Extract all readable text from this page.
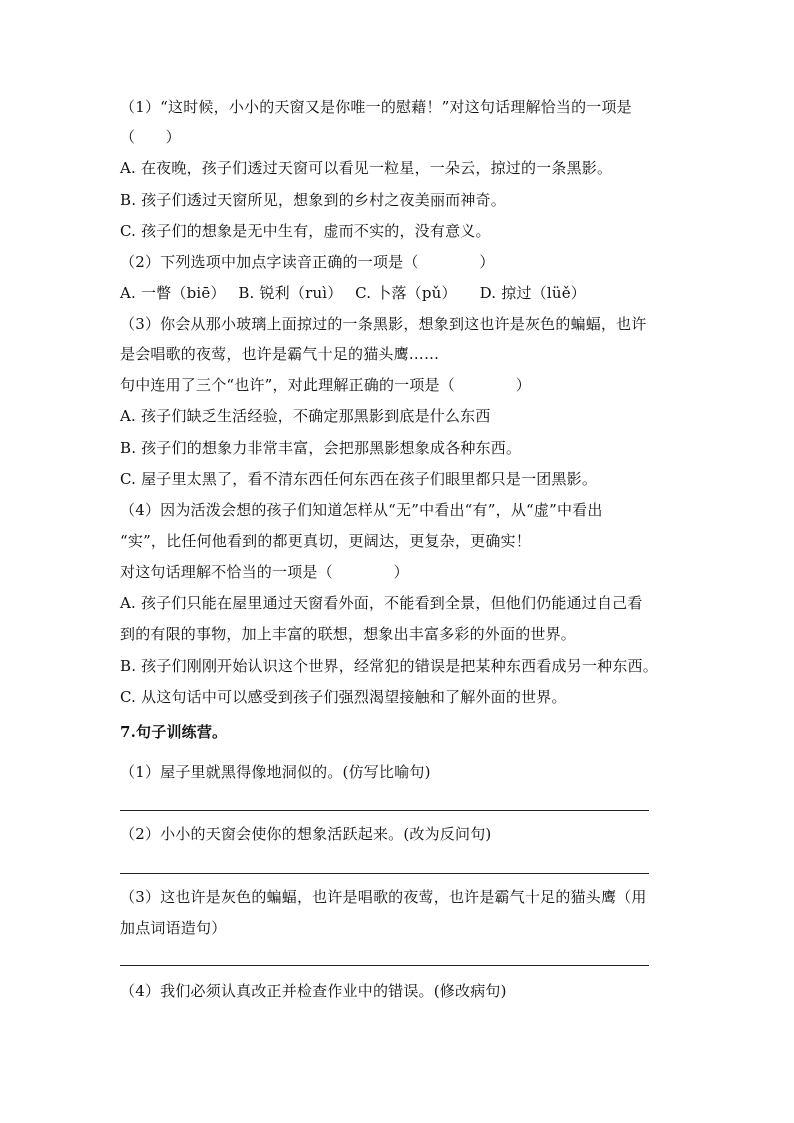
（1）“这时候，小小的天窗又是你唯一的慰藉！”对这句话理解恰当的一项是
（　　）
A. 在夜晚，孩子们透过天窗可以看见一粒星，一朵云，掠过的一条黑影。
B. 孩子们透过天窗所见，想象到的乡村之夜美丽而神奇。
C. 孩子们的想象是无中生有，虚而不实的，没有意义。
（2）下列选项中加点字读音正确的一项是（　　　　）
A. 一瞥（biē）　 B. 锐利（ruì）　 C. 卜落（pǔ）　　D. 掠过（lüě）
（3）你会从那小玻璃上面掠过的一条黑影，想象到这也许是灰色的蝙蝠，也许
是会唱歌的夜莺，也许是霸气十足的猫头鹰……
句中连用了三个“也许”，对此理解正确的一项是（　　　　）
A. 孩子们缺乏生活经验，不确定那黑影到底是什么东西
B. 孩子们的想象力非常丰富，会把那黑影想象成各种东西。
C. 屋子里太黑了，看不清东西任何东西在孩子们眼里都只是一团黑影。
（4）因为活泼会想的孩子们知道怎样从“无”中看出“有”，从“虚”中看出
“实”，比任何他看到的都更真切，更阔达，更复杂，更确实！
对这句话理解不恰当的一项是（　　　　）
A. 孩子们只能在屋里通过天窗看外面，不能看到全景，但他们仍能通过自己看
到的有限的事物，加上丰富的联想，想象出丰富多彩的外面的世界。
B. 孩子们刚刚开始认识这个世界，经常犯的错误是把某种东西看成另一种东西。
C. 从这句话中可以感受到孩子们强烈渴望接触和了解外面的世界。
7.句子训练营。
（1）屋子里就黑得像地洞似的。(仿写比喻句)
（2）小小的天窗会使你的想象活跃起来。(改为反问句)
（3）这也许是灰色的蝙蝠，也许是唱歌的夜莺，也许是霸气十足的猫头鹰（用
加点词语造句）
（4）我们必须认真改正并检查作业中的错误。(修改病句)
